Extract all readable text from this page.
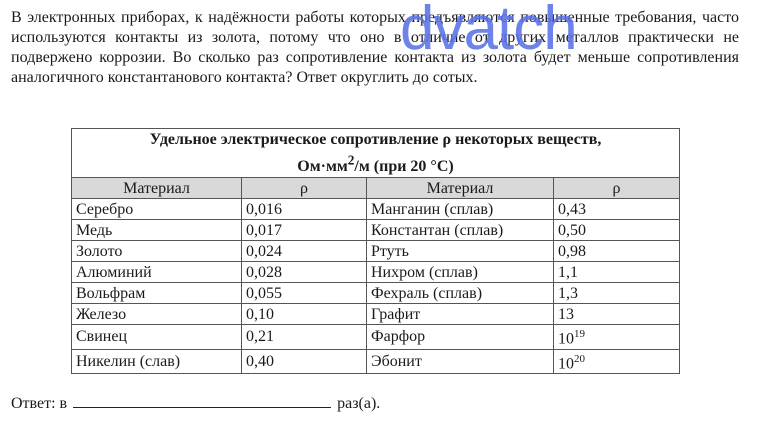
В электронных приборах, к надёжности работы которых предъявляются повышенные требования, часто используются контакты из золота, потому что оно в отличие от других металлов практически не подвержено коррозии. Во сколько раз сопротивление контакта из золота будет меньше сопротивления аналогичного константанового контакта? Ответ округлить до сотых.

dvatch
Удельное электрическое сопротивление ρ некоторых веществ,
$Ом\cdot мм^2/м$ (при 20 °С)			
Материал	ρ	Материал	ρ
Серебро	0,016	Манганин (сплав)	0,43
Медь	0,017	Константан (сплав)	0,50
Золото	0,024	Ртуть	0,98
Алюминий	0,028	Нихром (сплав)	1,1
Вольфрам	0,055	Фехраль (сплав)	1,3
Железо	0,10	Графит	13
Свинец	0,21	Фарфор	$10^{19}$
Никелин (слав)	0,40	Эбонит	$10^{20}$
Ответ: в	раз(а).
